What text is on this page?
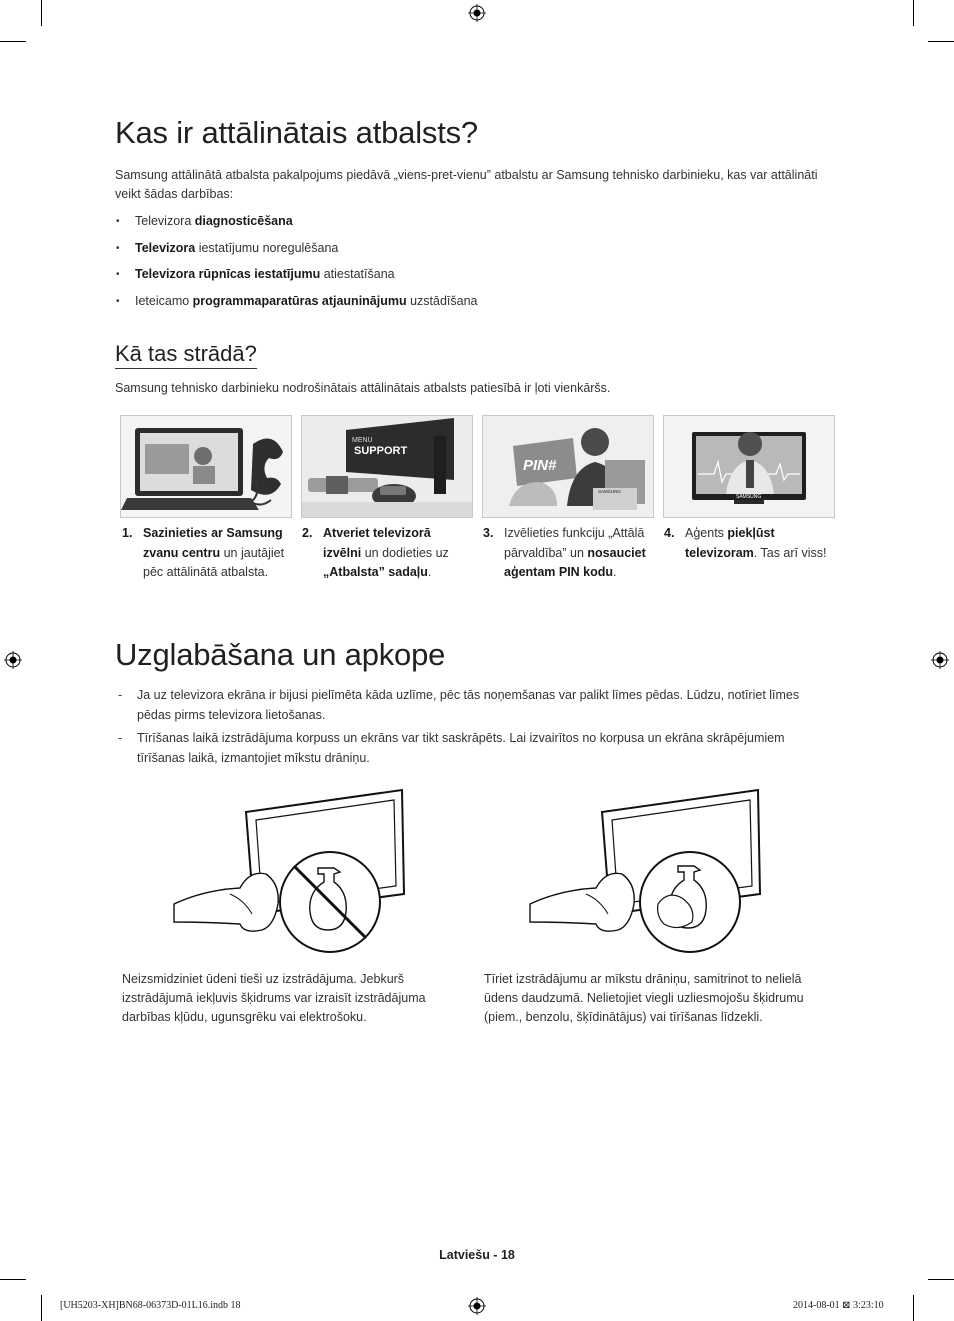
Kas ir attālinātais atbalsts?
Samsung attālinātā atbalsta pakalpojums piedāvā „viens-pret-vienu” atbalstu ar Samsung tehnisko darbinieku, kas var attālināti veikt šādas darbības:
• Televizora diagnosticēšana
• Televizora iestatījumu noregulēšana
• Televizora rūpnīcas iestatījumu atiestatīšana
• Ieteicamo programmaparatūras atjauninājumu uzstādīšana
Kā tas strādā?
Samsung tehnisko darbinieku nodrošinātais attālinātais atbalsts patiesībā ir ļoti vienkāršs.
MENU
SUPPORT
PIN#
SAMSUNG
SAMSUNG
1. Sazinieties ar Samsung zvanu centru un jautājiet pēc attālinātā atbalsta.
2. Atveriet televizorā izvēlni un dodieties uz „Atbalsta” sadaļu.
3. Izvēlieties funkciju „Attālā pārvaldība” un nosauciet aģentam PIN kodu.
4. Aģents piekļūst televizoram. Tas arī viss!
Uzglabāšana un apkope
- Ja uz televizora ekrāna ir bijusi pielīmēta kāda uzlīme, pēc tās noņemšanas var palikt līmes pēdas. Lūdzu, notīriet līmes pēdas pirms televizora lietošanas.
- Tīrīšanas laikā izstrādājuma korpuss un ekrāns var tikt saskrāpēts. Lai izvairītos no korpusa un ekrāna skrāpējumiem tīrīšanas laikā, izmantojiet mīkstu drāniņu.
Neizsmidziniet ūdeni tieši uz izstrādājuma. Jebkurš izstrādājumā iekļuvis šķidrums var izraisīt izstrādājuma darbības kļūdu, ugunsgrēku vai elektrošoku.
Tīriet izstrādājumu ar mīkstu drāniņu, samitrinot to nelielā ūdens daudzumā. Nelietojiet viegli uzliesmojošu šķidrumu (piem., benzolu, šķīdinātājus) vai tīrīšanas līdzekli.
Latviešu - 18
[UH5203-XH]BN68-06373D-01L16.indb 18	2014-08-01 ⊠ 3:23:10
